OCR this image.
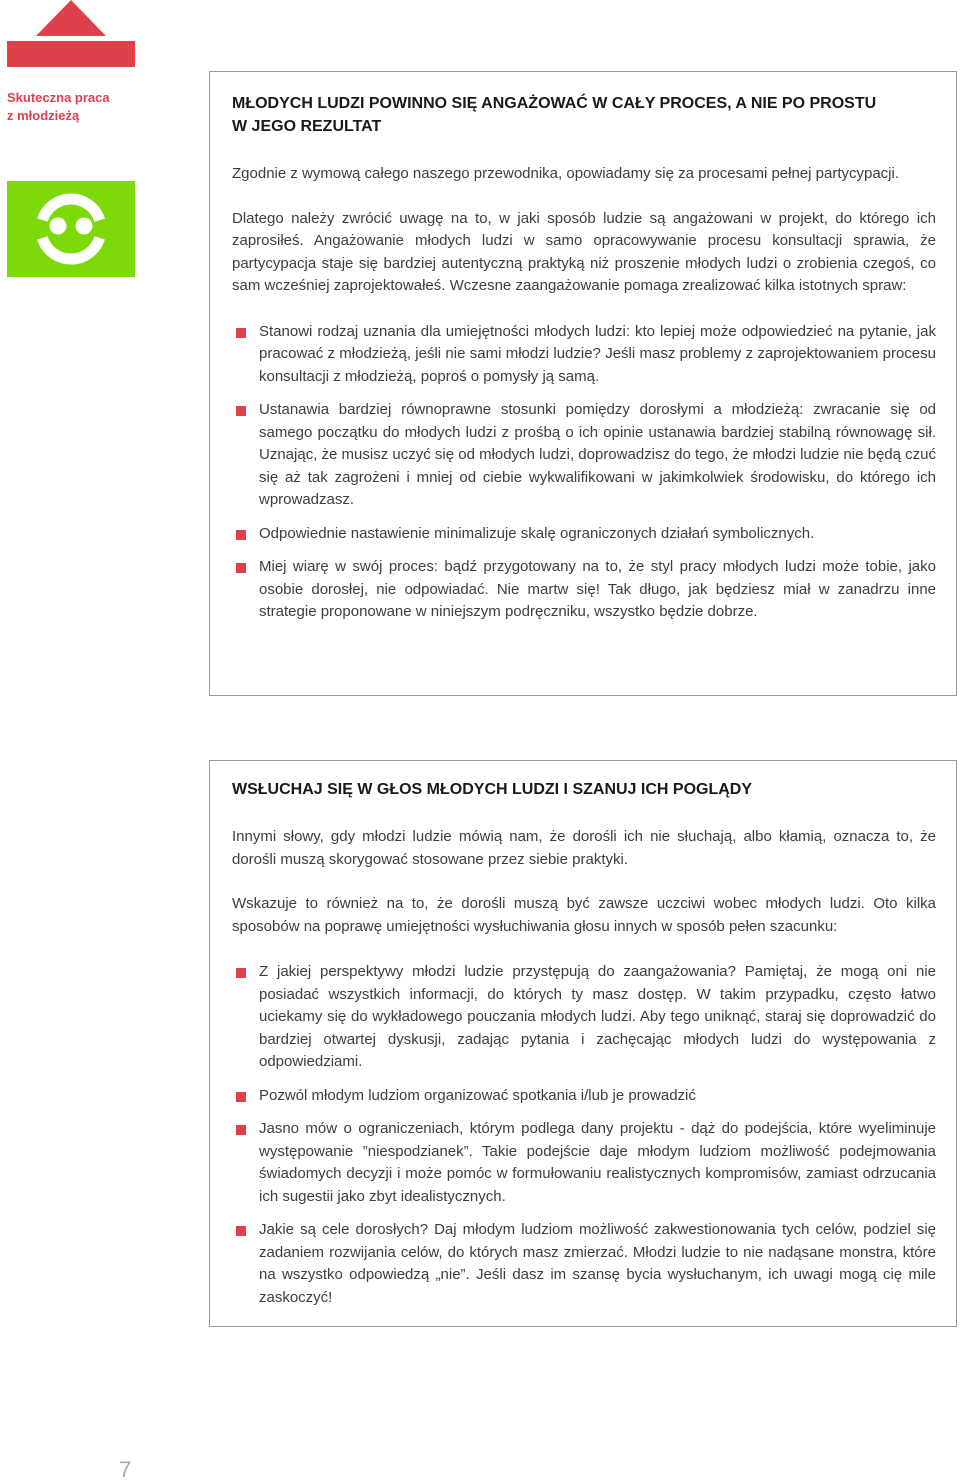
Skuteczna praca
z młodzieżą
MŁODYCH LUDZI POWINNO SIĘ ANGAŻOWAĆ W CAŁY PROCES, A NIE PO PROSTU
W JEGO REZULTAT

Zgodnie z wymową całego naszego przewodnika, opowiadamy się za procesami pełnej partycypacji.

Dlatego należy zwrócić uwagę na to, w jaki sposób ludzie są angażowani w projekt, do którego ich zaprosiłeś. Angażowanie młodych ludzi w samo opracowywanie procesu konsultacji sprawia, że partycypacja staje się bardziej autentyczną praktyką niż proszenie młodych ludzi o zrobienia czegoś, co sam wcześniej zaprojektowałeś. Wczesne zaangażowanie pomaga zrealizować kilka istotnych spraw:

Stanowi rodzaj uznania dla umiejętności młodych ludzi: kto lepiej może odpowiedzieć na pytanie, jak pracować z młodzieżą, jeśli nie sami młodzi ludzie? Jeśli masz problemy z zaprojektowaniem procesu konsultacji z młodzieżą, poproś o pomysły ją samą.
Ustanawia bardziej równoprawne stosunki pomiędzy dorosłymi a młodzieżą: zwracanie się od samego początku do młodych ludzi z prośbą o ich opinie ustanawia bardziej stabilną równowagę sił. Uznając, że musisz uczyć się od młodych ludzi, doprowadzisz do tego, że młodzi ludzie nie będą czuć się aż tak zagrożeni i mniej od ciebie wykwalifikowani w jakimkolwiek środowisku, do którego ich wprowadzasz.
Odpowiednie nastawienie minimalizuje skalę ograniczonych działań symbolicznych.
Miej wiarę w swój proces: bądź przygotowany na to, że styl pracy młodych ludzi może tobie, jako osobie dorosłej, nie odpowiadać. Nie martw się! Tak długo, jak będziesz miał w zanadrzu inne strategie proponowane w niniejszym podręczniku, wszystko będzie dobrze.
WSŁUCHAJ SIĘ W GŁOS MŁODYCH LUDZI I SZANUJ ICH POGLĄDY

Innymi słowy, gdy młodzi ludzie mówią nam, że dorośli ich nie słuchają, albo kłamią, oznacza to, że dorośli muszą skorygować stosowane przez siebie praktyki.

Wskazuje to również na to, że dorośli muszą być zawsze uczciwi wobec młodych ludzi. Oto kilka sposobów na poprawę umiejętności wysłuchiwania głosu innych w sposób pełen szacunku:

Z jakiej perspektywy młodzi ludzie przystępują do zaangażowania? Pamiętaj, że mogą oni nie posiadać wszystkich informacji, do których ty masz dostęp. W takim przypadku, często łatwo uciekamy się do wykładowego pouczania młodych ludzi. Aby tego uniknąć, staraj się doprowadzić do bardziej otwartej dyskusji, zadając pytania i zachęcając młodych ludzi do występowania z odpowiedziami.
Pozwól młodym ludziom organizować spotkania i/lub je prowadzić
Jasno mów o ograniczeniach, którym podlega dany projektu - dąż do podejścia, które wyeliminuje występowanie ”niespodzianek”. Takie podejście daje młodym ludziom możliwość podejmowania świadomych decyzji i może pomóc w formułowaniu realistycznych kompromisów, zamiast odrzucania ich sugestii jako zbyt idealistycznych.
Jakie są cele dorosłych? Daj młodym ludziom możliwość zakwestionowania tych celów, podziel się zadaniem rozwijania celów, do których masz zmierzać. Młodzi ludzie to nie nadąsane monstra, które na wszystko odpowiedzą „nie”. Jeśli dasz im szansę bycia wysłuchanym, ich uwagi mogą cię mile zaskoczyć!
7
